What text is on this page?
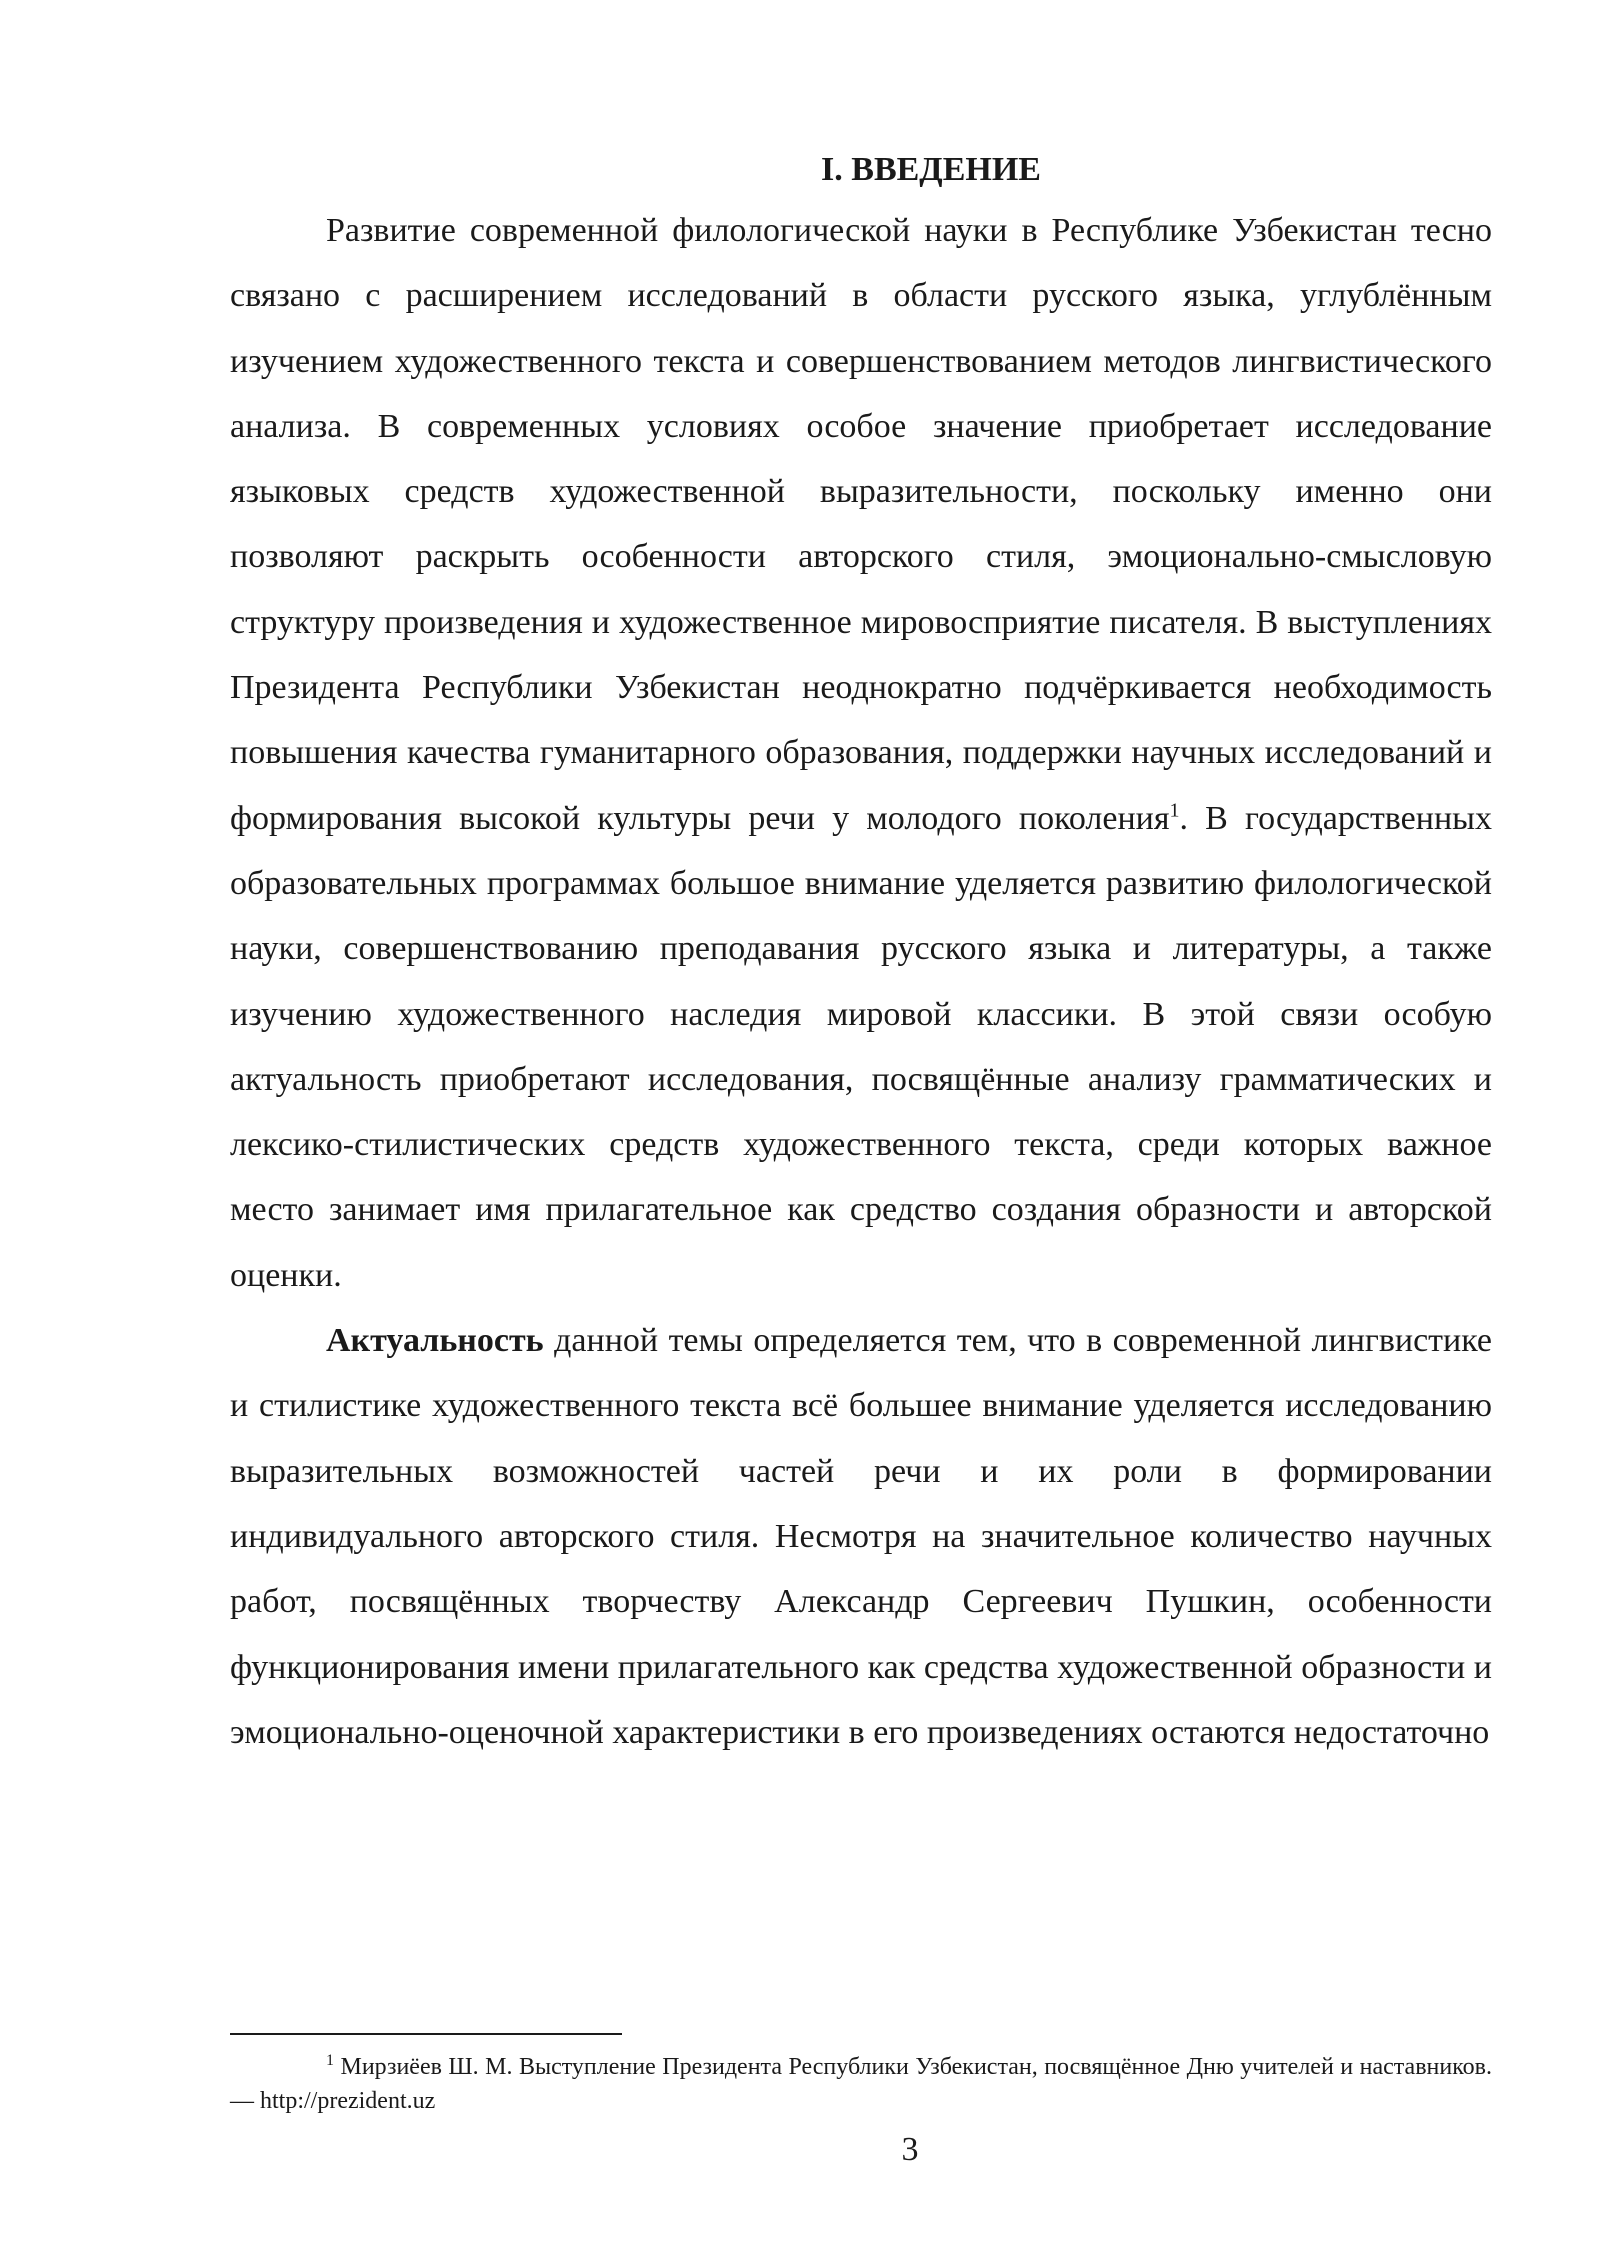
I. ВВЕДЕНИЕ

Развитие современной филологической науки в Республике Узбекистан тесно связано с расширением исследований в области русского языка, углублённым изучением художественного текста и совершенствованием методов лингвистического анализа. В современных условиях особое значение приобретает исследование языковых средств художественной выразительности, поскольку именно они позволяют раскрыть особенности авторского стиля, эмоционально-смысловую структуру произведения и художественное мировосприятие писателя. В выступлениях Президента Республики Узбекистан неоднократно подчёркивается необходимость повышения качества гуманитарного образования, поддержки научных исследований и формирования высокой культуры речи у молодого поколения$^1$. В государственных образовательных программах большое внимание уделяется развитию филологической науки, совершенствованию преподавания русского языка и литературы, а также изучению художественного наследия мировой классики. В этой связи особую актуальность приобретают исследования, посвящённые анализу грамматических и лексико-стилистических средств художественного текста, среди которых важное место занимает имя прилагательное как средство создания образности и авторской оценки.

Актуальность данной темы определяется тем, что в современной лингвистике и стилистике художественного текста всё большее внимание уделяется исследованию выразительных возможностей частей речи и их роли в формировании индивидуального авторского стиля. Несмотря на значительное количество научных работ, посвящённых творчеству Александр Сергеевич Пушкин, особенности функционирования имени прилагательного как средства художественной образности и эмоционально-оценочной характеристики в его произведениях остаются недостаточно

$^1$ Мирзиёев Ш. М. Выступление Президента Республики Узбекистан, посвящённое Дню учителей и наставников. — http://prezident.uz

3
